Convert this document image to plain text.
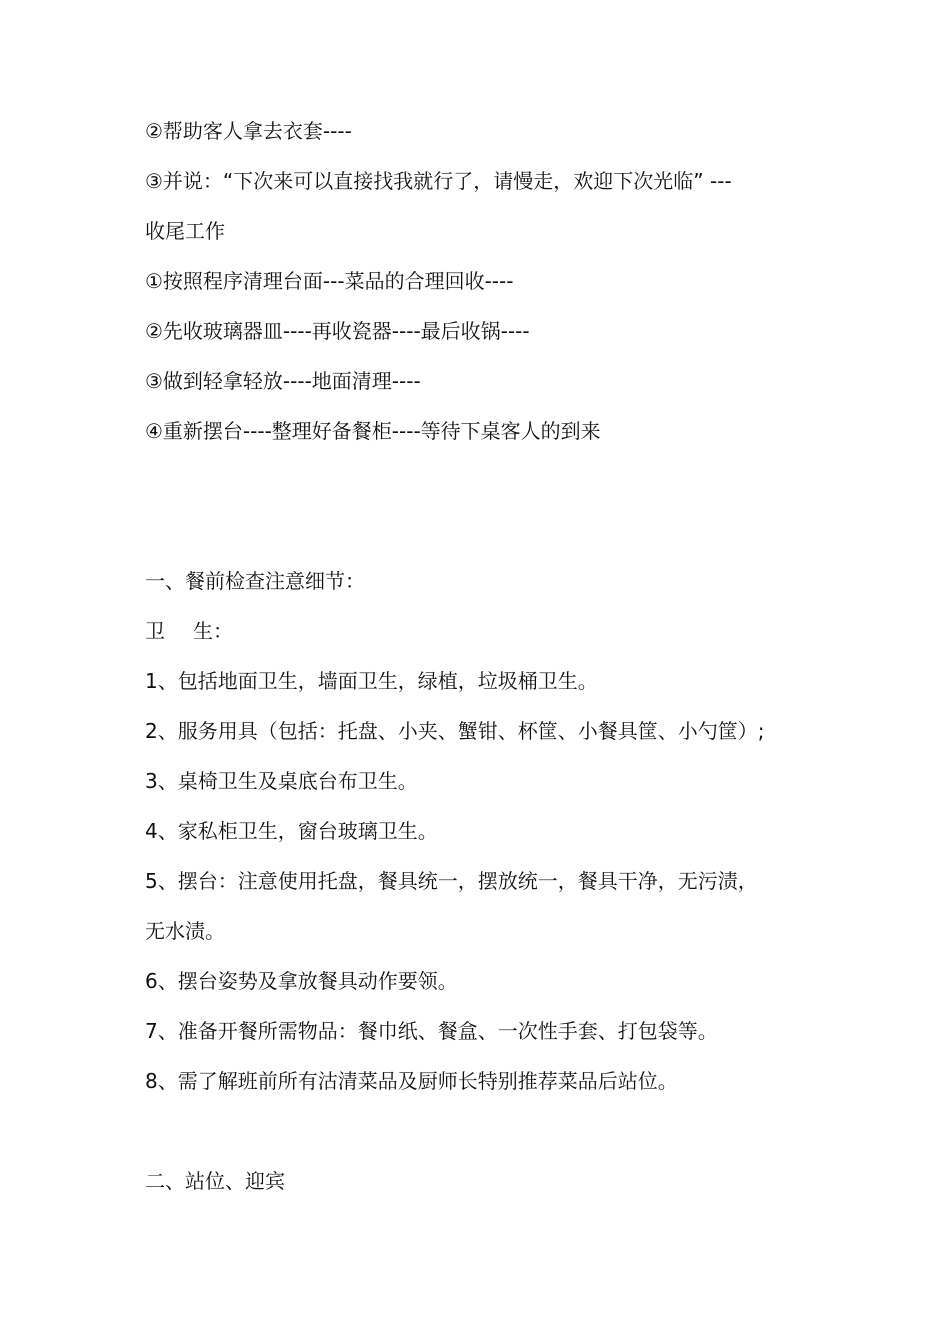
②帮助客人拿去衣套----
③并说：“下次来可以直接找我就行了，请慢走，欢迎下次光临” ---
收尾工作
①按照程序清理台面---菜品的合理回收----
②先收玻璃器皿----再收瓷器----最后收锅----
③做到轻拿轻放----地面清理----
④重新摆台----整理好备餐柜----等待下桌客人的到来
一、餐前检查注意细节：
卫 生：
1、包括地面卫生，墙面卫生，绿植，垃圾桶卫生。
2、服务用具（包括：托盘、小夹、蟹钳、杯筐、小餐具筐、小勺筐）;
3、桌椅卫生及桌底台布卫生。
4、家私柜卫生，窗台玻璃卫生。
5、摆台：注意使用托盘，餐具统一，摆放统一，餐具干净，无污渍，
无水渍。
6、摆台姿势及拿放餐具动作要领。
7、准备开餐所需物品：餐巾纸、餐盒、一次性手套、打包袋等。
8、需了解班前所有沽清菜品及厨师长特别推荐菜品后站位。
二、站位、迎宾
